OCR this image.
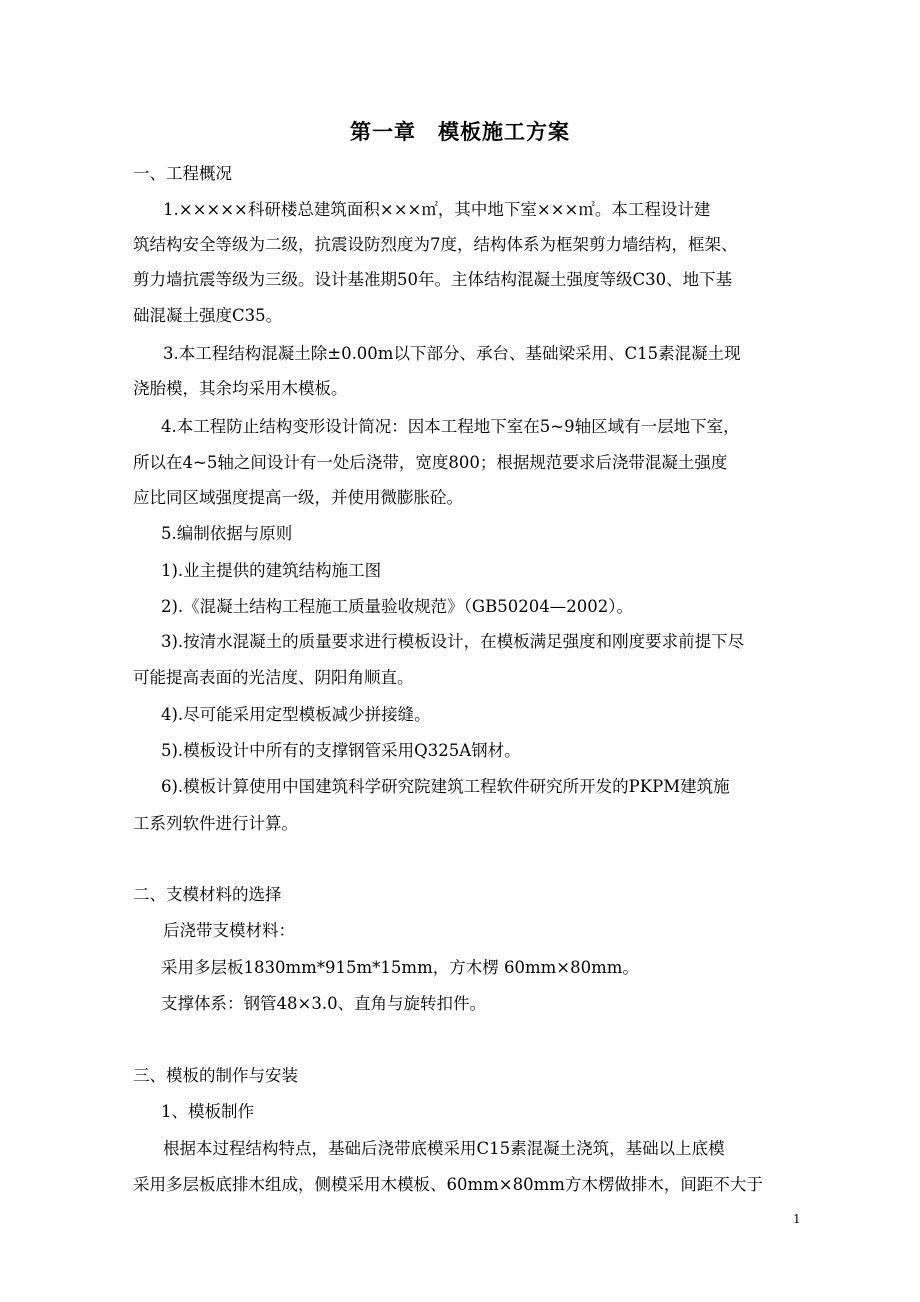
第一章　模板施工方案
一、工程概况
1.×××××科研楼总建筑面积×××㎡，其中地下室×××㎡。本工程设计建
筑结构安全等级为二级，抗震设防烈度为7度，结构体系为框架剪力墙结构，框架、
剪力墙抗震等级为三级。设计基准期50年。主体结构混凝土强度等级C30、地下基
础混凝土强度C35。
3.本工程结构混凝土除±0.00m以下部分、承台、基础梁采用、C15素混凝土现
浇胎模，其余均采用木模板。
4.本工程防止结构变形设计简况：因本工程地下室在5~9轴区域有一层地下室，
所以在4~5轴之间设计有一处后浇带，宽度800；根据规范要求后浇带混凝土强度
应比同区域强度提高一级，并使用微膨胀砼。
5.编制依据与原则
1).业主提供的建筑结构施工图
2).《混凝土结构工程施工质量验收规范》（GB50204—2002）。
3).按清水混凝土的质量要求进行模板设计，在模板满足强度和刚度要求前提下尽
可能提高表面的光洁度、阴阳角顺直。
4).尽可能采用定型模板减少拼接缝。
5).模板设计中所有的支撑钢管采用Q325A钢材。
6).模板计算使用中国建筑科学研究院建筑工程软件研究所开发的PKPM建筑施
工系列软件进行计算。
二、支模材料的选择
后浇带支模材料：
采用多层板1830mm*915m*15mm，方木楞 60mm×80mm。
支撑体系：钢管48×3.0、直角与旋转扣件。
三、模板的制作与安装
1、模板制作
根据本过程结构特点，基础后浇带底模采用C15素混凝土浇筑，基础以上底模
采用多层板底排木组成，侧模采用木模板、60mm×80mm方木楞做排木，间距不大于
1
